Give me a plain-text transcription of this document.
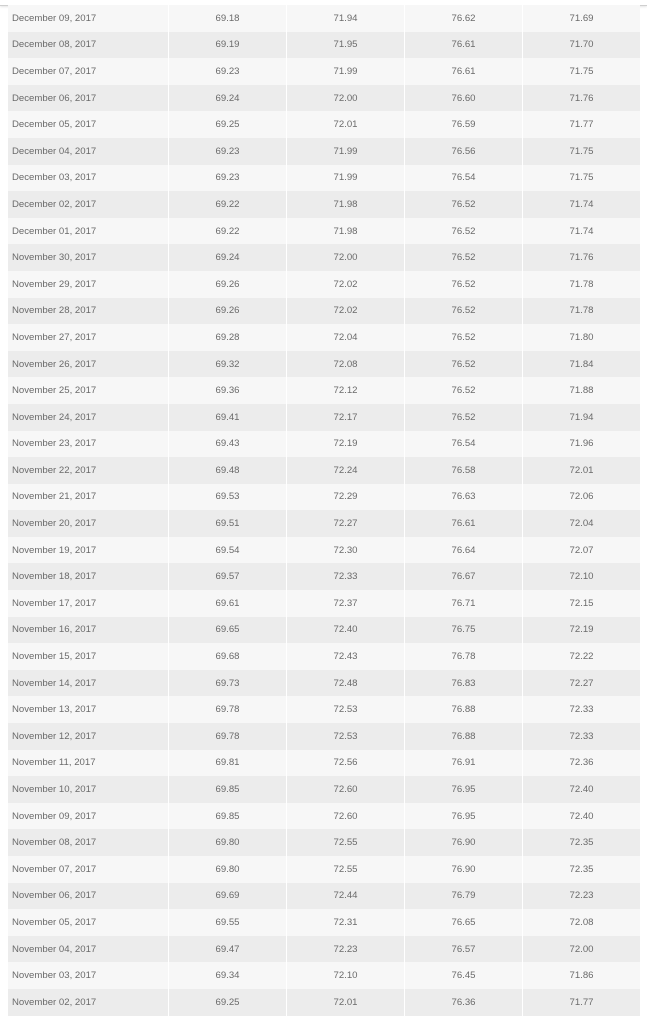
December 09, 2017	69.18	71.94	76.62	71.69
December 08, 2017	69.19	71.95	76.61	71.70
December 07, 2017	69.23	71.99	76.61	71.75
December 06, 2017	69.24	72.00	76.60	71.76
December 05, 2017	69.25	72.01	76.59	71.77
December 04, 2017	69.23	71.99	76.56	71.75
December 03, 2017	69.23	71.99	76.54	71.75
December 02, 2017	69.22	71.98	76.52	71.74
December 01, 2017	69.22	71.98	76.52	71.74
November 30, 2017	69.24	72.00	76.52	71.76
November 29, 2017	69.26	72.02	76.52	71.78
November 28, 2017	69.26	72.02	76.52	71.78
November 27, 2017	69.28	72.04	76.52	71.80
November 26, 2017	69.32	72.08	76.52	71.84
November 25, 2017	69.36	72.12	76.52	71.88
November 24, 2017	69.41	72.17	76.52	71.94
November 23, 2017	69.43	72.19	76.54	71.96
November 22, 2017	69.48	72.24	76.58	72.01
November 21, 2017	69.53	72.29	76.63	72.06
November 20, 2017	69.51	72.27	76.61	72.04
November 19, 2017	69.54	72.30	76.64	72.07
November 18, 2017	69.57	72.33	76.67	72.10
November 17, 2017	69.61	72.37	76.71	72.15
November 16, 2017	69.65	72.40	76.75	72.19
November 15, 2017	69.68	72.43	76.78	72.22
November 14, 2017	69.73	72.48	76.83	72.27
November 13, 2017	69.78	72.53	76.88	72.33
November 12, 2017	69.78	72.53	76.88	72.33
November 11, 2017	69.81	72.56	76.91	72.36
November 10, 2017	69.85	72.60	76.95	72.40
November 09, 2017	69.85	72.60	76.95	72.40
November 08, 2017	69.80	72.55	76.90	72.35
November 07, 2017	69.80	72.55	76.90	72.35
November 06, 2017	69.69	72.44	76.79	72.23
November 05, 2017	69.55	72.31	76.65	72.08
November 04, 2017	69.47	72.23	76.57	72.00
November 03, 2017	69.34	72.10	76.45	71.86
November 02, 2017	69.25	72.01	76.36	71.77
